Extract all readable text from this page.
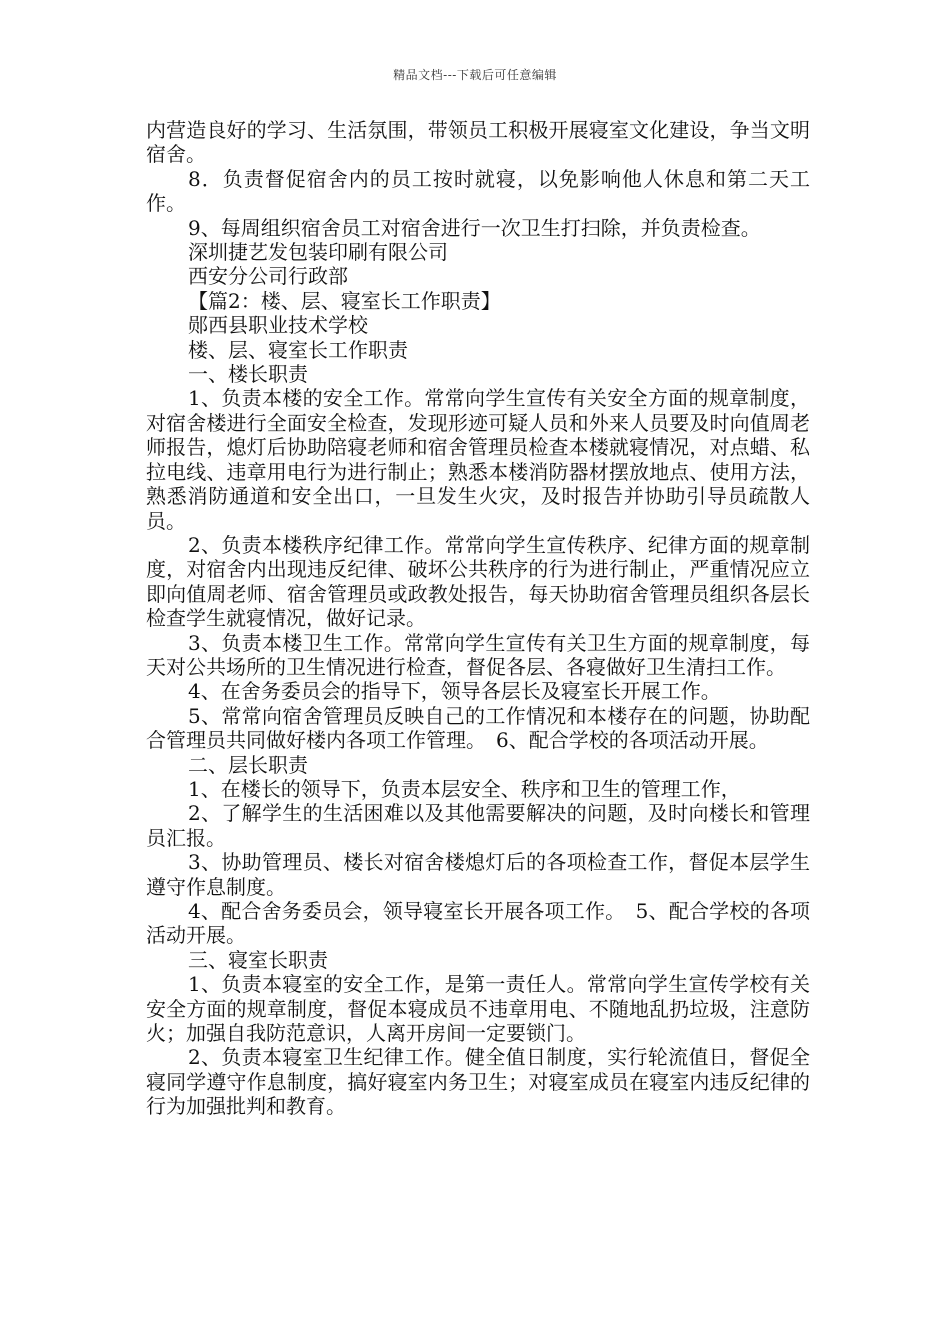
精品文档---下载后可任意编辑

内营造良好的学习、生活氛围，带领员工积极开展寝室文化建设，争当文明宿舍。

8．负责督促宿舍内的员工按时就寝，以免影响他人休息和第二天工作。

9、每周组织宿舍员工对宿舍进行一次卫生打扫除，并负责检查。

深圳捷艺发包装印刷有限公司

西安分公司行政部

【篇2：楼、层、寝室长工作职责】

郧西县职业技术学校

楼、层、寝室长工作职责

一、楼长职责

1、负责本楼的安全工作。常常向学生宣传有关安全方面的规章制度，对宿舍楼进行全面安全检查，发现形迹可疑人员和外来人员要及时向值周老师报告，熄灯后协助陪寝老师和宿舍管理员检查本楼就寝情况，对点蜡、私拉电线、违章用电行为进行制止；熟悉本楼消防器材摆放地点、使用方法，熟悉消防通道和安全出口，一旦发生火灾，及时报告并协助引导员疏散人员。

2、负责本楼秩序纪律工作。常常向学生宣传秩序、纪律方面的规章制度，对宿舍内出现违反纪律、破坏公共秩序的行为进行制止，严重情况应立即向值周老师、宿舍管理员或政教处报告，每天协助宿舍管理员组织各层长检查学生就寝情况，做好记录。

3、负责本楼卫生工作。常常向学生宣传有关卫生方面的规章制度，每天对公共场所的卫生情况进行检查，督促各层、各寝做好卫生清扫工作。

4、在舍务委员会的指导下，领导各层长及寝室长开展工作。

5、常常向宿舍管理员反映自己的工作情况和本楼存在的问题，协助配合管理员共同做好楼内各项工作管理。　6、配合学校的各项活动开展。

二、层长职责

1、在楼长的领导下，负责本层安全、秩序和卫生的管理工作，

2、了解学生的生活困难以及其他需要解决的问题，及时向楼长和管理员汇报。

3、协助管理员、楼长对宿舍楼熄灯后的各项检查工作，督促本层学生遵守作息制度。

4、配合舍务委员会，领导寝室长开展各项工作。　5、配合学校的各项活动开展。

三、寝室长职责

1、负责本寝室的安全工作，是第一责任人。常常向学生宣传学校有关安全方面的规章制度，督促本寝成员不违章用电、不随地乱扔垃圾，注意防火；加强自我防范意识，人离开房间一定要锁门。

2、负责本寝室卫生纪律工作。健全值日制度，实行轮流值日，督促全寝同学遵守作息制度，搞好寝室内务卫生；对寝室成员在寝室内违反纪律的行为加强批判和教育。
